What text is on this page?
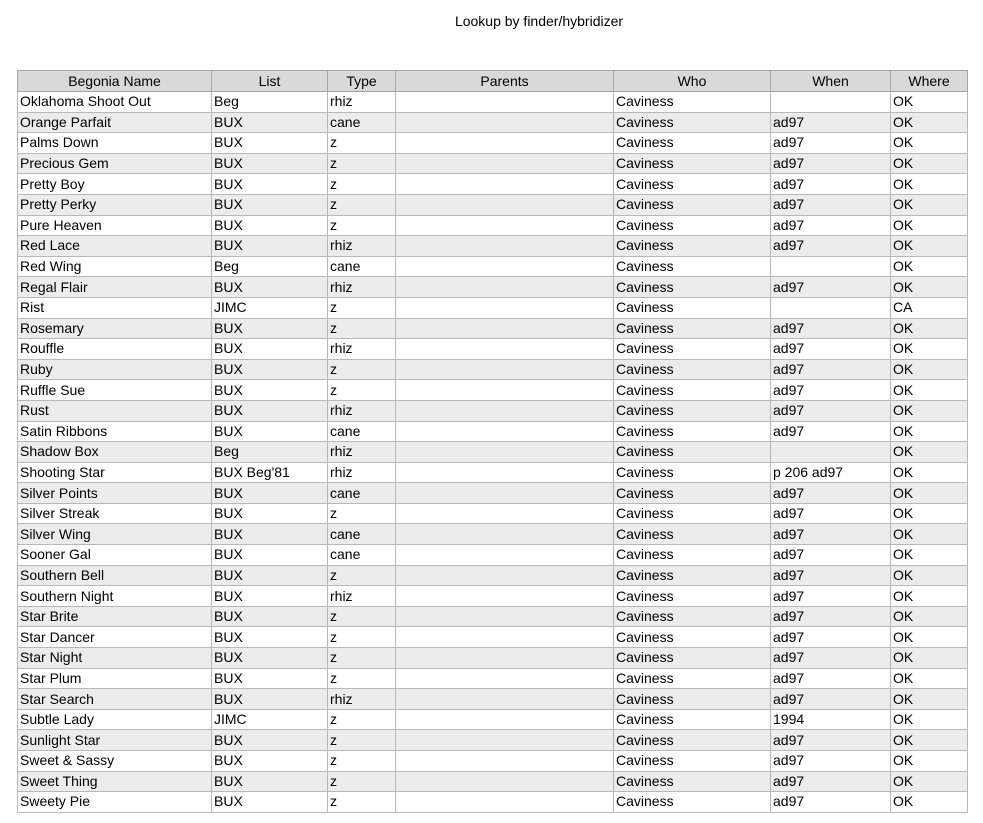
Lookup by finder/hybridizer
Begonia Name	List	Type	Parents	Who	When	Where
Oklahoma Shoot Out	Beg	rhiz		Caviness		OK
Orange Parfait	BUX	cane		Caviness	ad97	OK
Palms Down	BUX	z		Caviness	ad97	OK
Precious Gem	BUX	z		Caviness	ad97	OK
Pretty Boy	BUX	z		Caviness	ad97	OK
Pretty Perky	BUX	z		Caviness	ad97	OK
Pure Heaven	BUX	z		Caviness	ad97	OK
Red Lace	BUX	rhiz		Caviness	ad97	OK
Red Wing	Beg	cane		Caviness		OK
Regal Flair	BUX	rhiz		Caviness	ad97	OK
Rist	JIMC	z		Caviness		CA
Rosemary	BUX	z		Caviness	ad97	OK
Rouffle	BUX	rhiz		Caviness	ad97	OK
Ruby	BUX	z		Caviness	ad97	OK
Ruffle Sue	BUX	z		Caviness	ad97	OK
Rust	BUX	rhiz		Caviness	ad97	OK
Satin Ribbons	BUX	cane		Caviness	ad97	OK
Shadow Box	Beg	rhiz		Caviness		OK
Shooting Star	BUX Beg'81	rhiz		Caviness	p 206 ad97	OK
Silver Points	BUX	cane		Caviness	ad97	OK
Silver Streak	BUX	z		Caviness	ad97	OK
Silver Wing	BUX	cane		Caviness	ad97	OK
Sooner Gal	BUX	cane		Caviness	ad97	OK
Southern Bell	BUX	z		Caviness	ad97	OK
Southern Night	BUX	rhiz		Caviness	ad97	OK
Star Brite	BUX	z		Caviness	ad97	OK
Star Dancer	BUX	z		Caviness	ad97	OK
Star Night	BUX	z		Caviness	ad97	OK
Star Plum	BUX	z		Caviness	ad97	OK
Star Search	BUX	rhiz		Caviness	ad97	OK
Subtle Lady	JIMC	z		Caviness	1994	OK
Sunlight Star	BUX	z		Caviness	ad97	OK
Sweet & Sassy	BUX	z		Caviness	ad97	OK
Sweet Thing	BUX	z		Caviness	ad97	OK
Sweety Pie	BUX	z		Caviness	ad97	OK
